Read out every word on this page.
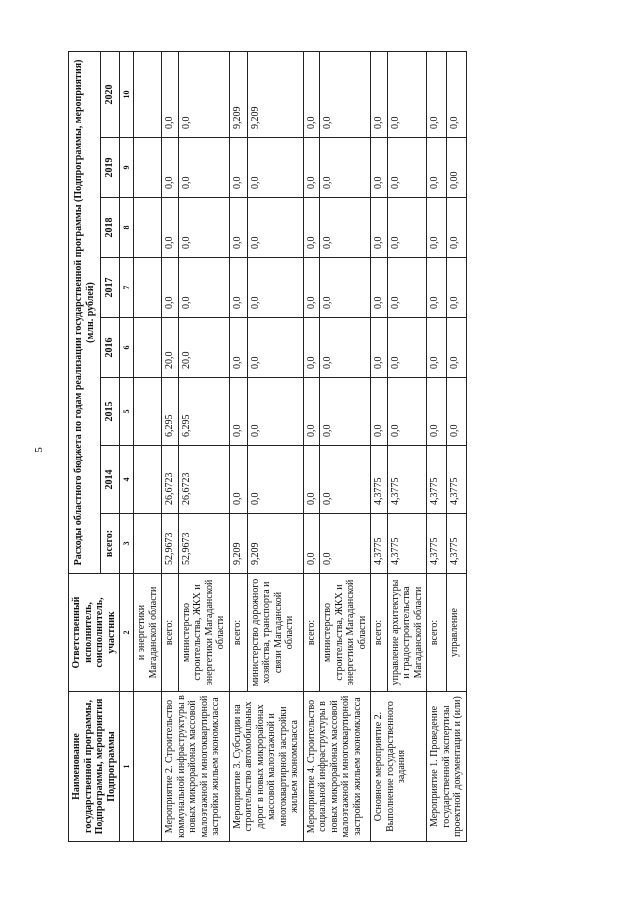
5
Наименование государственной программы, Подпрограммы, мероприятия Подпрограммы	Ответственный исполнитель, соисполнитель, участник	Расходы областного бюджета по годам реализации государственной программы (Подпрограммы, мероприятия) (млн. рублей)							
		всего:	2014	2015	2016	2017	2018	2019	2020
1	2	3	4	5	6	7	8	9	10
	и энергетики Магаданской области								
Мероприятие 2. Строительство коммунальной инфраструктуры в новых микрорайонах массовой малоэтажной и многоквартирной застройки жильем экономкласса	всего:	52,9673	26,6723	6,295	20,0	0,0	0,0	0,0	0,0
	министерство строительства, ЖКХ и энергетики Магаданской области	52,9673	26,6723	6,295	20,0	0,0	0,0	0,0	0,0
Мероприятие 3. Субсидии на строительство автомобильных дорог в новых микрорайонах массовой малоэтажной и многоквартирной застройки жильем экономкласса	всего:	9,209	0,0	0,0	0,0	0,0	0,0	0,0	9,209
	министерство дорожного хозяйства, транспорта и связи Магаданской области	9,209	0,0	0,0	0,0	0,0	0,0	0,0	9,209
Мероприятие 4. Строительство социальной инфраструктуры в новых микрорайонах массовой малоэтажной и многоквартирной застройки жильем экономкласса	всего:	0,0	0,0	0,0	0,0	0,0	0,0	0,0	0,0
	министерство строительства, ЖКХ и энергетики Магаданской области	0,0	0,0	0,0	0,0	0,0	0,0	0,0	0,0
Основное мероприятие 2. Выполнение государственного задания	всего:	4,3775	4,3775	0,0	0,0	0,0	0,0	0,0	0,0
	управление архитектуры и градостроительства Магаданской области	4,3775	4,3775	0,0	0,0	0,0	0,0	0,0	0,0
Мероприятие 1. Проведение государственной экспертизы проектной документации и (или)	всего:	4,3775	4,3775	0,0	0,0	0,0	0,0	0,0	0,0
	управление	4,3775	4,3775	0,0	0,0	0,0	0,0	0,00	0,0
